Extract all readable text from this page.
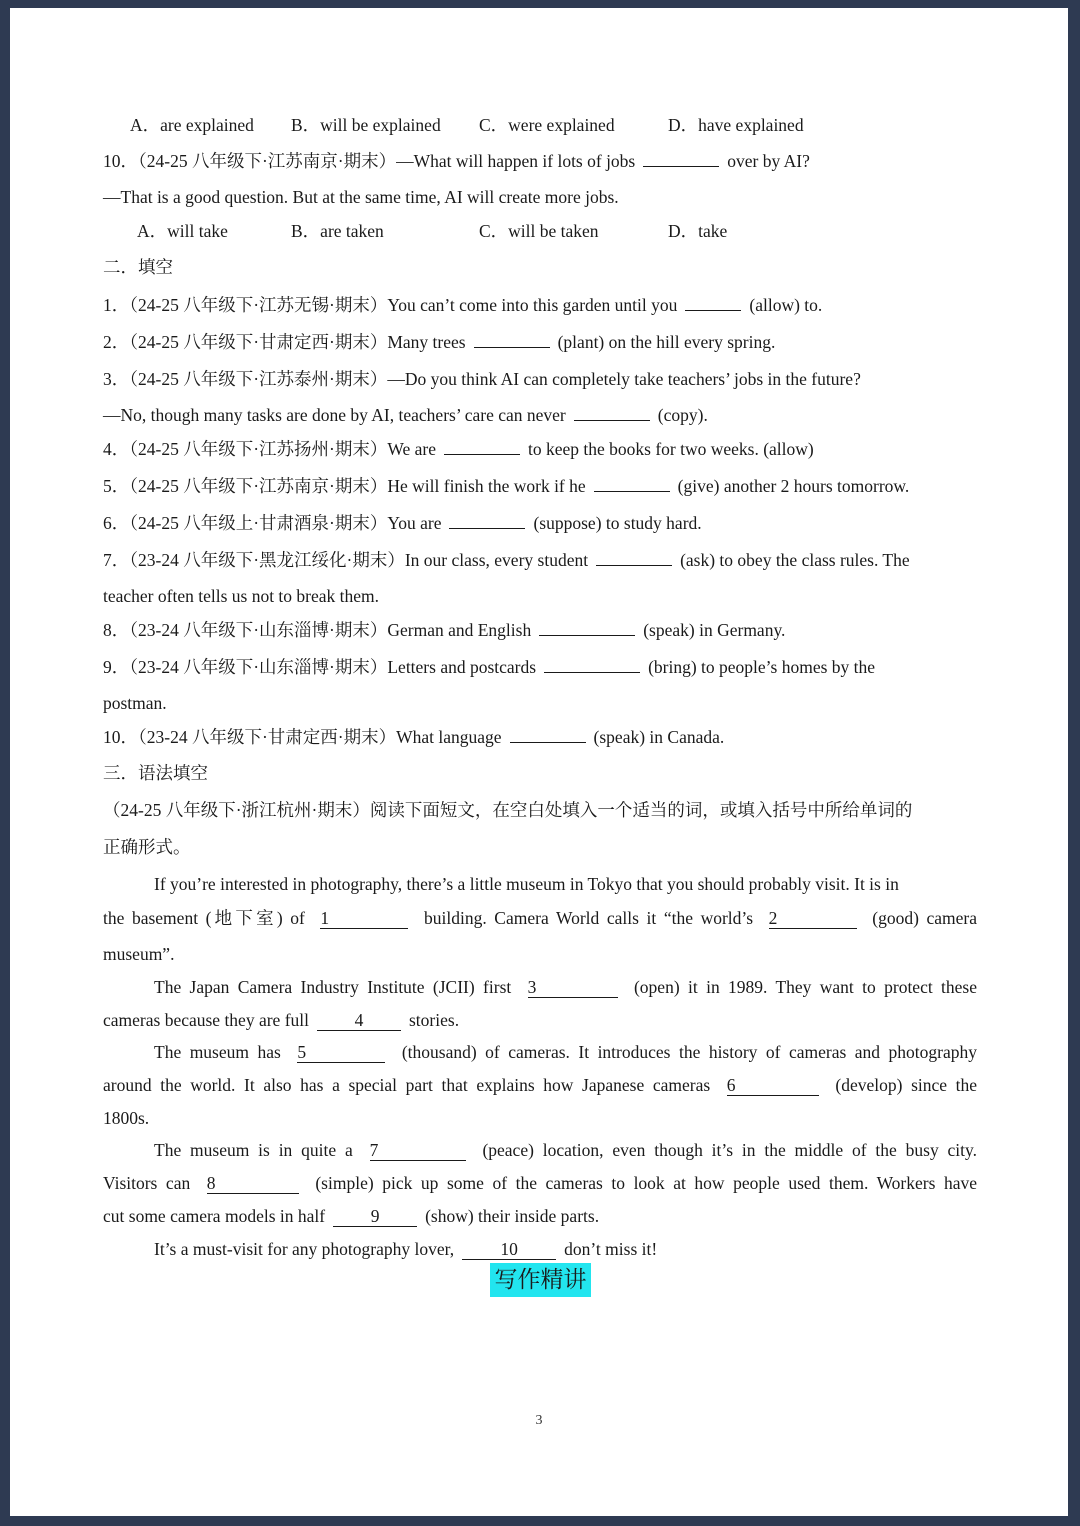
A．are explained B．will be explained C．were explained	D．have explained
10．（24-25 八年级下·江苏南京·期末）—What will happen if lots of jobs	over by AI?
—That is a good question. But at the same time, AI will create more jobs.
A．will take	B．are taken	C．will be taken	D．take
二．填空
1．（24-25 八年级下·江苏无锡·期末）You can’t come into this garden until you	(allow) to.
2．（24-25 八年级下·甘肃定西·期末）Many trees	(plant) on the hill every spring.
3．（24-25 八年级下·江苏泰州·期末）—Do you think AI can completely take teachers’ jobs in the future?
—No, though many tasks are done by AI, teachers’ care can never	(copy).
4．（24-25 八年级下·江苏扬州·期末）We are	to keep the books for two weeks. (allow)
5．（24-25 八年级下·江苏南京·期末）He will finish the work if he	(give) another 2 hours tomorrow.
6．（24-25 八年级上·甘肃酒泉·期末）You are	(suppose) to study hard.
7．（23-24 八年级下·黑龙江绥化·期末）In our class, every student	(ask) to obey the class rules. The
teacher often tells us not to break them.
8．（23-24 八年级下·山东淄博·期末）German and English	(speak) in Germany.
9．（23-24 八年级下·山东淄博·期末）Letters and postcards	(bring) to people’s homes by the
postman.
10．（23-24 八年级下·甘肃定西·期末）What language	(speak) in Canada.
三．语法填空
（24-25 八年级下·浙江杭州·期末）阅读下面短文，在空白处填入一个适当的词，或填入括号中所给单词的
正确形式。
If you’re interested in photography, there’s a little museum in Tokyo that you should probably visit. It is in
the basement (地下室) of 1	building. Camera World calls it “the world’s 2	(good) camera
museum”.
The Japan Camera Industry Institute (JCII) first 3	(open) it in 1989. They want to protect these
cameras because they are full	4	stories.
The museum has 5	(thousand) of cameras. It introduces the history of cameras and photography
around the world. It also has a special part that explains how Japanese cameras 6	(develop) since the
1800s.
The museum is in quite a 7	(peace) location, even though it’s in the middle of the busy city.
Visitors can 8	(simple) pick up some of the cameras to look at how people used them. Workers have
cut some camera models in half	9	(show) their inside parts.
It’s a must-visit for any photography lover,	10	don’t miss it!
写作精讲
3
